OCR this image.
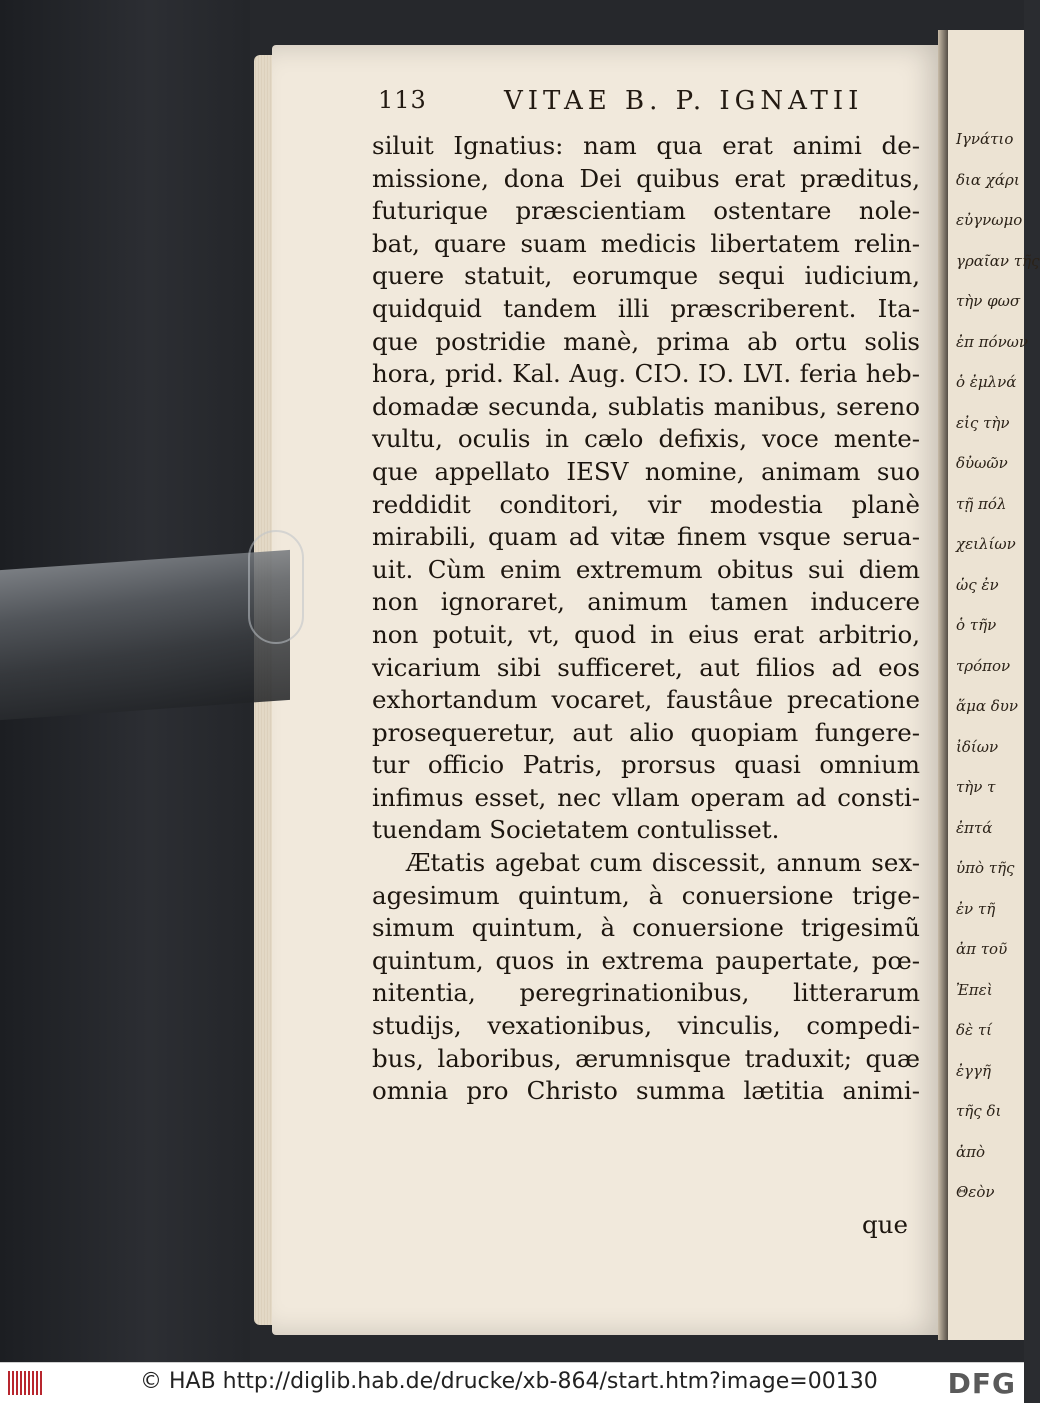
Ιγνάτιο
δια χάρι
εὐγνωμο
γραῖαν τῆς
τὴν φωσ
ἐπ πόνων
ὁ ἐμλνά
εἰς τὴν
δὐωῶν
τῇ πόλ
χειλίων
ὡς ἐν
ὁ τῆν
τρόπον
ἅμα δυν
ἰδίων
τὴν τ
ἐπτά
ὑπὸ τῆς
ἐν τῆ
ἀπ τοῦ
Ἐπεὶ
δὲ τί
ἐγγῆ
τῆς δι
ἀπὸ
Θεὸν
113	VITAE B. P. IGNATII
siluit Ignatius: nam qua erat animi de-
missione, dona Dei quibus erat prӕditus,
futurique prӕscientiam ostentare nole-
bat, quare suam medicis libertatem relin-
quere statuit, eorumque sequi iudicium,
quidquid tandem illi prӕscriberent. Ita-
que postridie manè, prima ab ortu solis
hora, prid. Kal. Aug. CIↃ. IↃ. LVI. feria heb-
domadӕ secunda, sublatis manibus, sereno
vultu, oculis in cӕlo defixis, voce mente-
que appellato IESV nomine, animam suo
reddidit conditori, vir modestia planè
mirabili, quam ad vitӕ finem vsque serua-
uit. Cùm enim extremum obitus sui diem
non ignoraret, animum tamen inducere
non potuit, vt, quod in eius erat arbitrio,
vicarium sibi sufficeret, aut filios ad eos
exhortandum vocaret, faustâue precatione
prosequeretur, aut alio quopiam fungere-
tur officio Patris, prorsus quasi omnium
infimus esset, nec vllam operam ad consti-
tuendam Societatem contulisset.
Ætatis agebat cum discessit, annum sex-
agesimum quintum, à conuersione trige-
simum quintum, à conuersione trigesimũ
quintum, quos in extrema paupertate, pœ-
nitentia, peregrinationibus, litterarum
studijs, vexationibus, vinculis, compedi-
bus, laboribus, ӕrumnisque traduxit; quӕ
omnia pro Christo summa lӕtitia animi-
que
© HAB http://diglib.hab.de/drucke/xb-864/start.htm?image=00130 DFG
